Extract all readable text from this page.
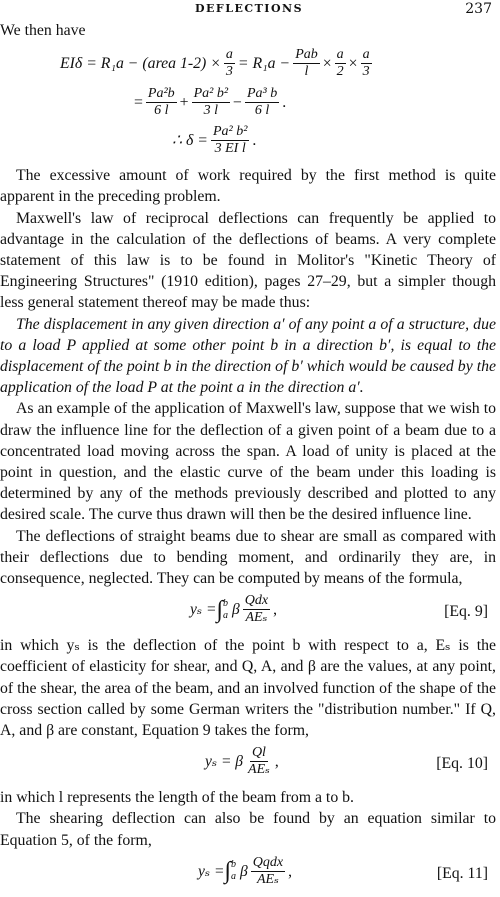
DEFLECTIONS	237

We then have

EIδ = R₁a − (area $1-2) \times \frac{a}{3} = R_1a - \frac{\text{Pab}}{l} \times \frac{a}{2} \times \frac{a}{3}$
= $\frac{\text{Pa²b}}{6 l} + \frac{\text{Pa² b²}}{3 l} - \frac{\text{Pa³ b}}{6 l}$ .
∴ $\delta = \frac{\text{Pa² b²}}{\text{3 EI l}}$ .

The excessive amount of work required by the first method is quite apparent in the preceding problem.

Maxwell's law of reciprocal deflections can frequently be applied to advantage in the calculation of the deflections of beams. A very complete statement of this law is to be found in Molitor's "Kinetic Theory of Engineering Structures" (1910 edition), pages 27–29, but a simpler though less general statement thereof may be made thus:

The displacement in any given direction a′ of any point a of a structure, due to a load P applied at some other point b in a direction b′, is equal to the displacement of the point b in the direction of b′ which would be caused by the application of the load P at the point a in the direction a′.

As an example of the application of Maxwell's law, suppose that we wish to draw the influence line for the deflection of a given point of a beam due to a concentrated load moving across the span. A load of unity is placed at the point in question, and the elastic curve of the beam under this loading is determined by any of the methods previously described and plotted to any desired scale. The curve thus drawn will then be the desired influence line.

The deflections of straight beams due to shear are small as compared with their deflections due to bending moment, and ordinarily they are, in consequence, neglected. They can be computed by means of the formula,

yₛ = ∫ b
a β $\frac{\text{Qdx}}{\text{AEₛ}}$ ,	[Eq. 9]

in which yₛ is the deflection of the point b with respect to a, Eₛ is the coefficient of elasticity for shear, and Q, A, and β are the values, at any point, of the shear, the area of the beam, and an involved function of the shape of the cross section called by some German writers the "distribution number." If Q, A, and β are constant, Equation 9 takes the form,

yₛ = β $\frac{Ql}{\text{AEₛ}}$ ,	[Eq. 10]

in which l represents the length of the beam from a to b.

The shearing deflection can also be found by an equation similar to Equation 5, of the form,

yₛ = ∫ b
a β $\frac{\text{Qqdx}}{\text{AEₛ}}$ ,	[Eq. 11]
